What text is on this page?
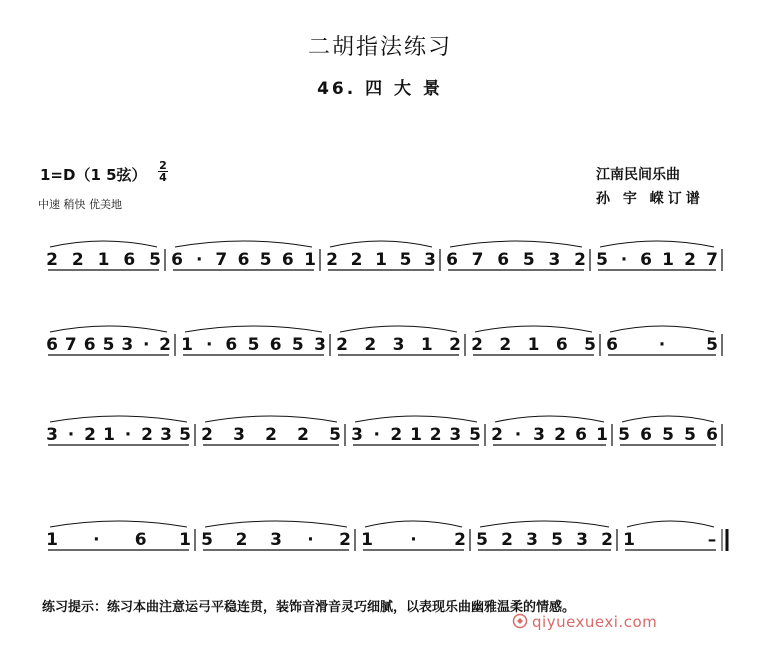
二胡指法练习
46. 四 大 景
1=D（1 5弦）
2
4
中速 稍快 优美地
江南民间乐曲
孙 宇 嵘订谱
2 2 1 6 5 6 · 7 6 5 6 1 2 2 1 5 3 6 7 6 5 3 2 5 · 6 1 2 7
6 7 6 5 3 · 2 1 · 6 5 6 5 3 2 2 3 1 2 2 2 1 6 5 6 · 5
3 · 2 1 · 2 3 5 2 3 2 2 5 3 · 2 1 2 3 5 2 · 3 2 6 1 5 6 5 5 6
1 · 6 1 5 2 3 · 2 1 · 2 5 2 3 5 3 2 1	–
练习提示：练习本曲注意运弓平稳连贯，装饰音滑音灵巧细腻，以表现乐曲幽雅温柔的情感。
qiyuexuexi.com
